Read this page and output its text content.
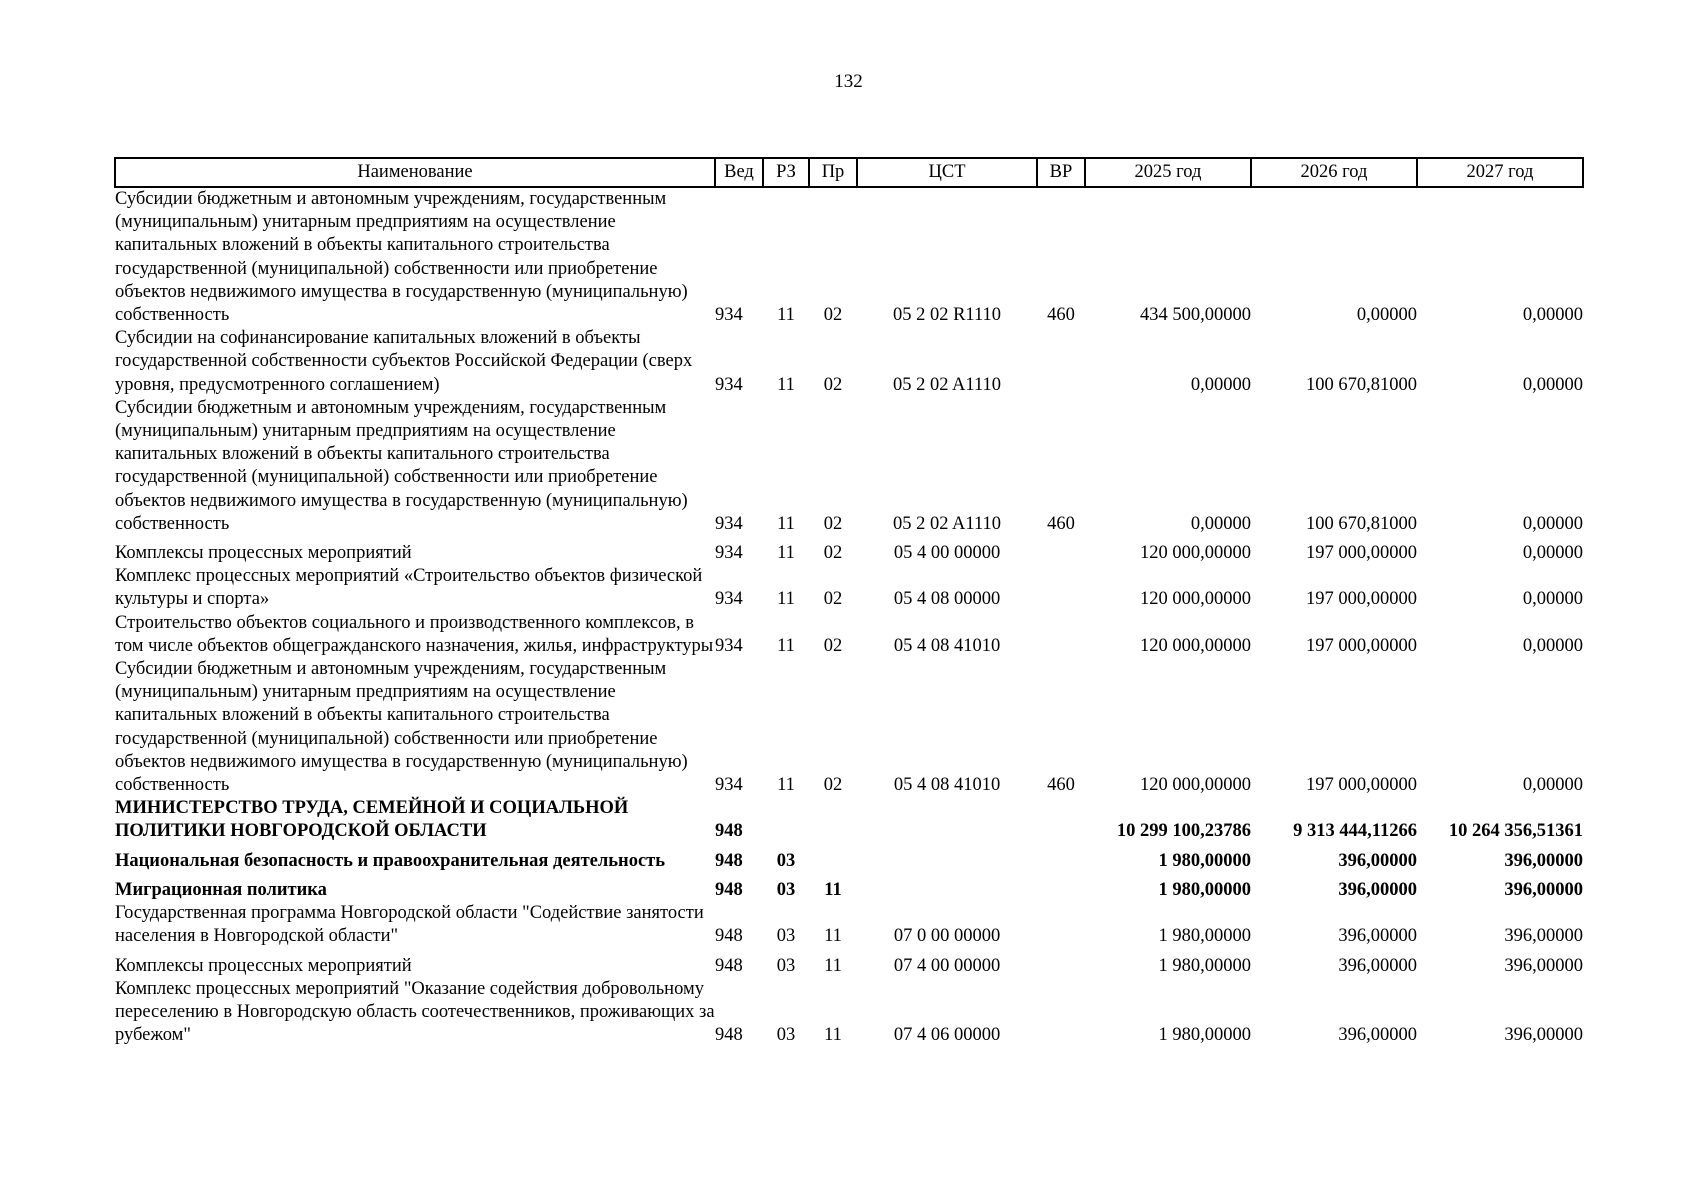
132
Наименование	Вед	РЗ	Пр	ЦСТ	ВР	2025 год	2026 год	2027 год
Субсидии бюджетным и автономным учреждениям, государственным (муниципальным) унитарным предприятиям на осуществление капитальных вложений в объекты капитального строительства государственной (муниципальной) собственности или приобретение объектов недвижимого имущества в государственную (муниципальную) собственность	934	11	02	05 2 02 R1110	460	434 500,00000	0,00000	0,00000
Субсидии на софинансирование капитальных вложений в объекты государственной собственности субъектов Российской Федерации (сверх уровня, предусмотренного соглашением)	934	11	02	05 2 02 A1110		0,00000	100 670,81000	0,00000
Субсидии бюджетным и автономным учреждениям, государственным (муниципальным) унитарным предприятиям на осуществление капитальных вложений в объекты капитального строительства государственной (муниципальной) собственности или приобретение объектов недвижимого имущества в государственную (муниципальную) собственность	934	11	02	05 2 02 A1110	460	0,00000	100 670,81000	0,00000
Комплексы процессных мероприятий	934	11	02	05 4 00 00000		120 000,00000	197 000,00000	0,00000
Комплекс процессных мероприятий «Строительство объектов физической культуры и спорта»	934	11	02	05 4 08 00000		120 000,00000	197 000,00000	0,00000
Строительство объектов социального и производственного комплексов, в том числе объектов общегражданского назначения, жилья, инфраструктуры	934	11	02	05 4 08 41010		120 000,00000	197 000,00000	0,00000
Субсидии бюджетным и автономным учреждениям, государственным (муниципальным) унитарным предприятиям на осуществление капитальных вложений в объекты капитального строительства государственной (муниципальной) собственности или приобретение объектов недвижимого имущества в государственную (муниципальную) собственность	934	11	02	05 4 08 41010	460	120 000,00000	197 000,00000	0,00000
МИНИСТЕРСТВО ТРУДА, СЕМЕЙНОЙ И СОЦИАЛЬНОЙ ПОЛИТИКИ НОВГОРОДСКОЙ ОБЛАСТИ	948					10 299 100,23786	9 313 444,11266	10 264 356,51361
Национальная безопасность и правоохранительная деятельность	948	03				1 980,00000	396,00000	396,00000
Миграционная политика	948	03	11			1 980,00000	396,00000	396,00000
Государственная программа Новгородской области "Содействие занятости населения в Новгородской области"	948	03	11	07 0 00 00000		1 980,00000	396,00000	396,00000
Комплексы процессных мероприятий	948	03	11	07 4 00 00000		1 980,00000	396,00000	396,00000
Комплекс процессных мероприятий "Оказание содействия добровольному переселению в Новгородскую область соотечественников, проживающих за рубежом"	948	03	11	07 4 06 00000		1 980,00000	396,00000	396,00000
